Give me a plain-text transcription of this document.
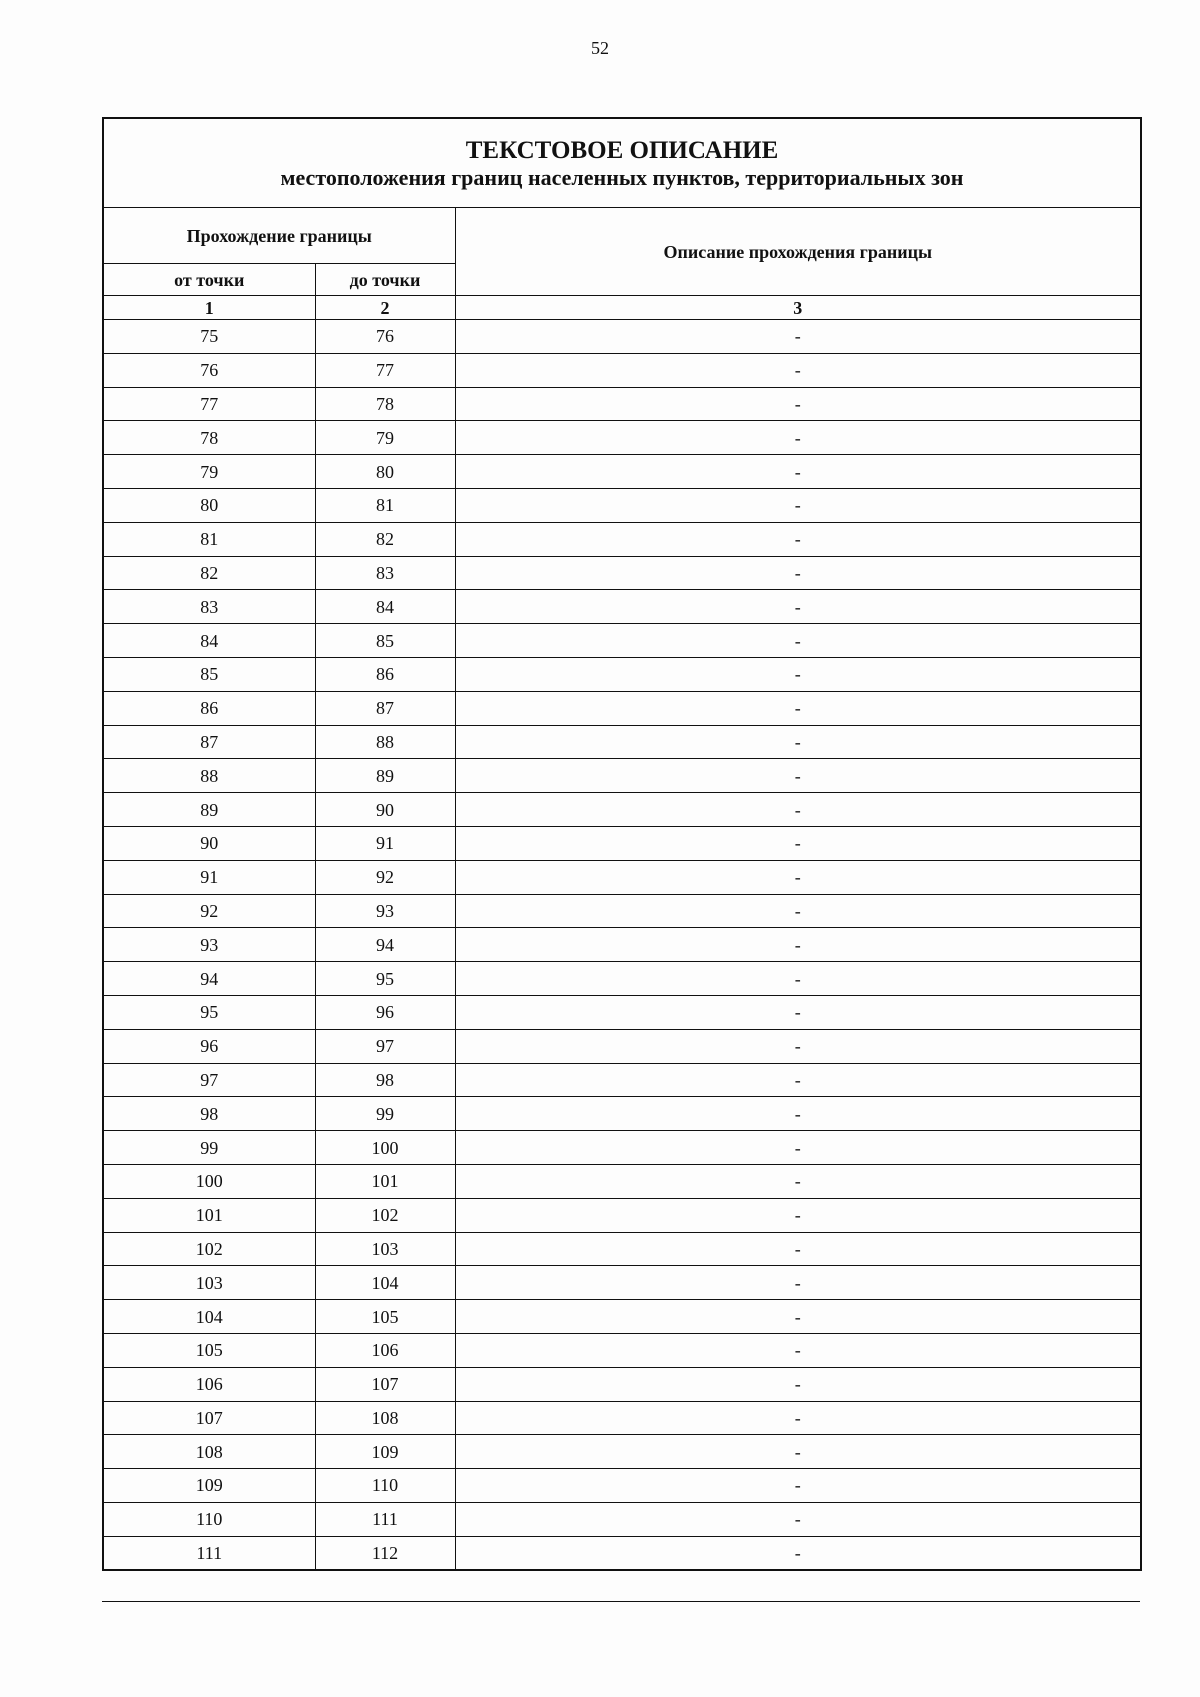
52
ТЕКСТОВОЕ ОПИСАНИЕ
местоположения границ населенных пунктов, территориальных зон		

Прохождение границы		Описание прохождения границы
от точки	до точки	
1	2	3
75	76	-
76	77	-
77	78	-
78	79	-
79	80	-
80	81	-
81	82	-
82	83	-
83	84	-
84	85	-
85	86	-
86	87	-
87	88	-
88	89	-
89	90	-
90	91	-
91	92	-
92	93	-
93	94	-
94	95	-
95	96	-
96	97	-
97	98	-
98	99	-
99	100	-
100	101	-
101	102	-
102	103	-
103	104	-
104	105	-
105	106	-
106	107	-
107	108	-
108	109	-
109	110	-
110	111	-
111	112	-
